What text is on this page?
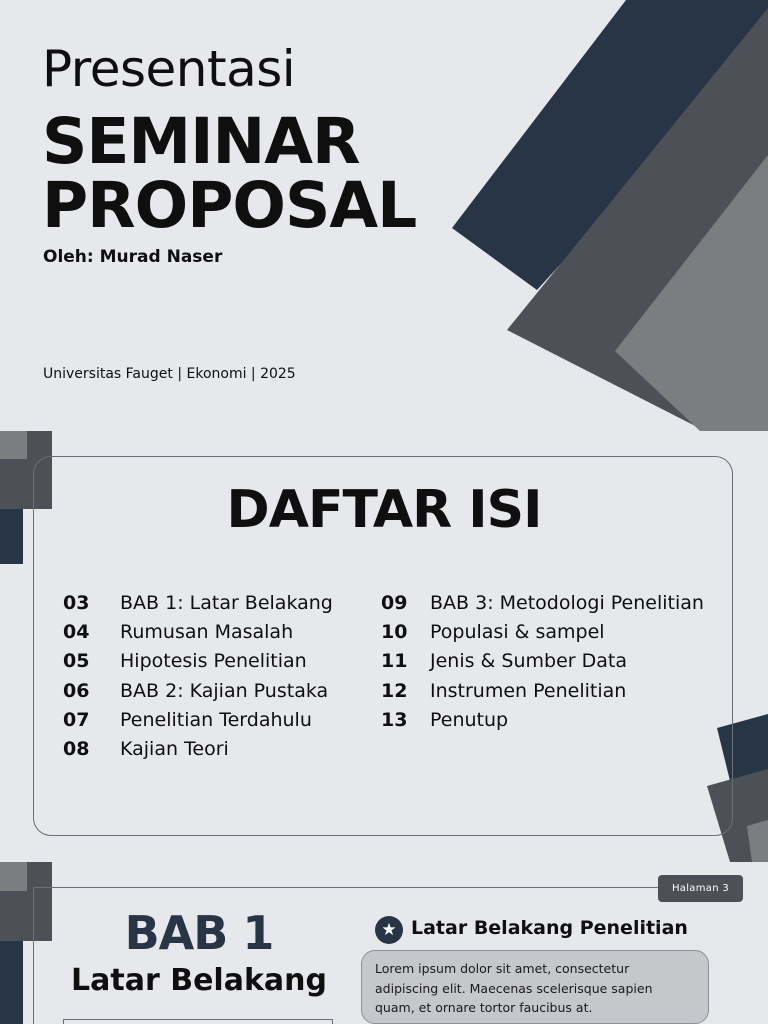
Presentasi
SEMINAR
PROPOSAL
Oleh: Murad Naser
Universitas Fauget | Ekonomi | 2025
DAFTAR ISI
03	BAB 1: Latar Belakang
04	Rumusan Masalah
05	Hipotesis Penelitian
06	BAB 2: Kajian Pustaka
07	Penelitian Terdahulu
08	Kajian Teori
09	BAB 3: Metodologi Penelitian
10	Populasi & sampel
11	Jenis & Sumber Data
12	Instrumen Penelitian
13	Penutup
Halaman 3
BAB 1
Latar Belakang
★ Latar Belakang Penelitian
Lorem ipsum dolor sit amet, consectetur adipiscing elit. Maecenas scelerisque sapien quam, et ornare tortor faucibus at.
